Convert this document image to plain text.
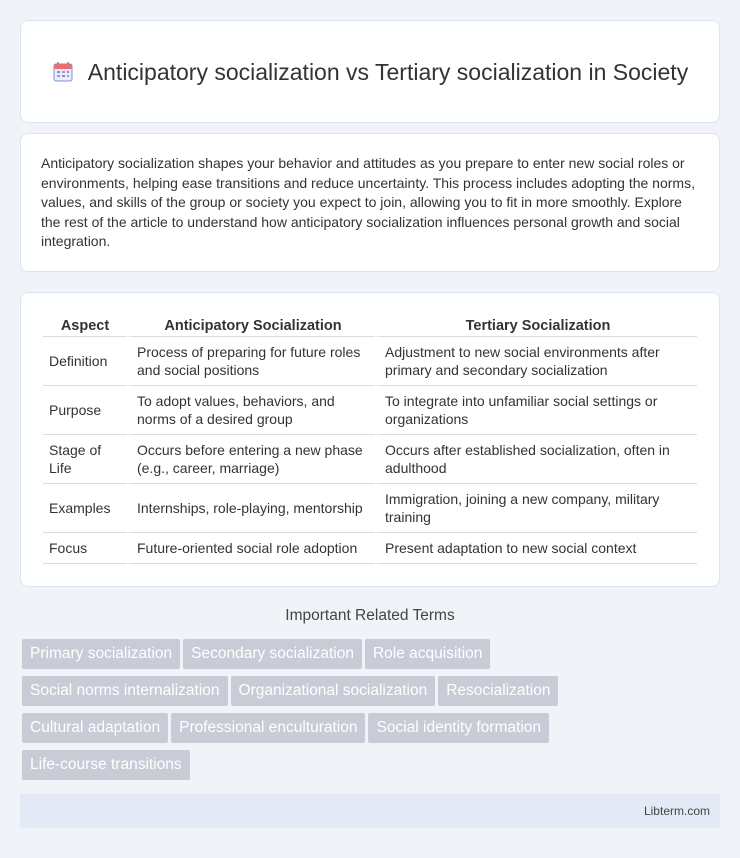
Anticipatory socialization vs Tertiary socialization in Society

Anticipatory socialization shapes your behavior and attitudes as you prepare to enter new social roles or environments, helping ease transitions and reduce uncertainty. This process includes adopting the norms, values, and skills of the group or society you expect to join, allowing you to fit in more smoothly. Explore the rest of the article to understand how anticipatory socialization influences personal growth and social integration.

Aspect	Anticipatory Socialization	Tertiary Socialization
Definition	Process of preparing for future roles and social positions	Adjustment to new social environments after primary and secondary socialization
Purpose	To adopt values, behaviors, and norms of a desired group	To integrate into unfamiliar social settings or organizations
Stage of Life	Occurs before entering a new phase (e.g., career, marriage)	Occurs after established socialization, often in adulthood
Examples	Internships, role-playing, mentorship	Immigration, joining a new company, military training
Focus	Future-oriented social role adoption	Present adaptation to new social context
Important Related Terms
Primary socialization Secondary socialization Role acquisition
Social norms internalization Organizational socialization Resocialization
Cultural adaptation Professional enculturation Social identity formation
Life-course transitions
Libterm.com
